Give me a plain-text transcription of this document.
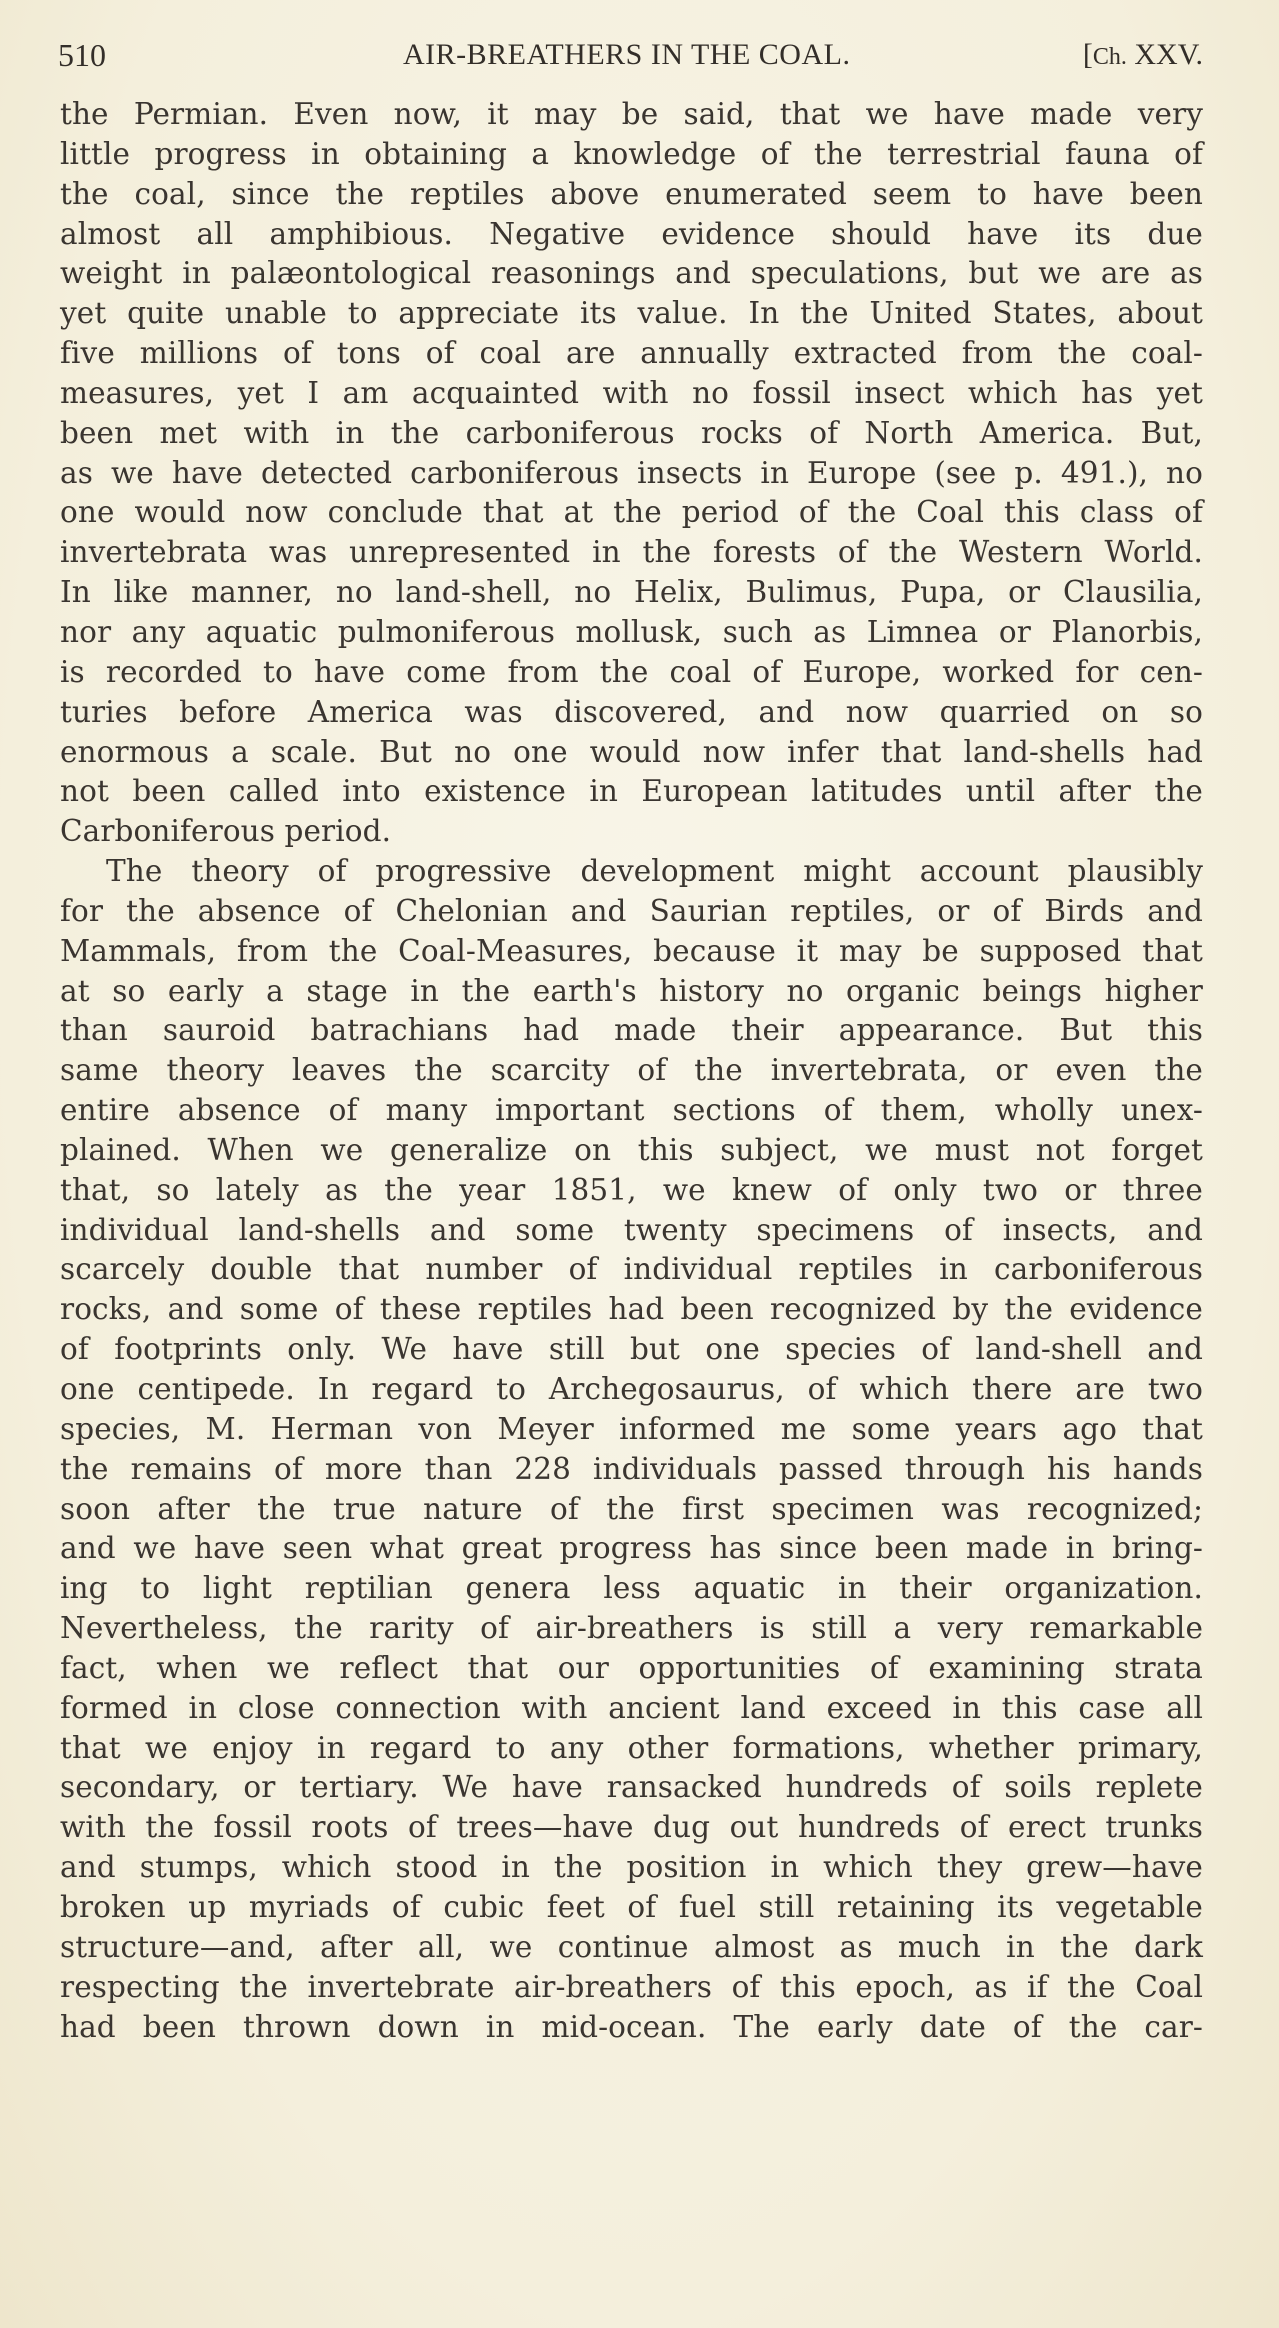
510	AIR-BREATHERS IN THE COAL.	[Ch. XXV.
the Permian. Even now, it may be said, that we have made very
little progress in obtaining a knowledge of the terrestrial fauna of
the coal, since the reptiles above enumerated seem to have been
almost all amphibious. Negative evidence should have its due
weight in palæontological reasonings and speculations, but we are as
yet quite unable to appreciate its value. In the United States, about
five millions of tons of coal are annually extracted from the coal-
measures, yet I am acquainted with no fossil insect which has yet
been met with in the carboniferous rocks of North America. But,
as we have detected carboniferous insects in Europe (see p. 491.), no
one would now conclude that at the period of the Coal this class of
invertebrata was unrepresented in the forests of the Western World.
In like manner, no land-shell, no Helix, Bulimus, Pupa, or Clausilia,
nor any aquatic pulmoniferous mollusk, such as Limnea or Planorbis,
is recorded to have come from the coal of Europe, worked for cen-
turies before America was discovered, and now quarried on so
enormous a scale. But no one would now infer that land-shells had
not been called into existence in European latitudes until after the
Carboniferous period.
The theory of progressive development might account plausibly
for the absence of Chelonian and Saurian reptiles, or of Birds and
Mammals, from the Coal-Measures, because it may be supposed that
at so early a stage in the earth's history no organic beings higher
than sauroid batrachians had made their appearance. But this
same theory leaves the scarcity of the invertebrata, or even the
entire absence of many important sections of them, wholly unex-
plained. When we generalize on this subject, we must not forget
that, so lately as the year 1851, we knew of only two or three
individual land-shells and some twenty specimens of insects, and
scarcely double that number of individual reptiles in carboniferous
rocks, and some of these reptiles had been recognized by the evidence
of footprints only. We have still but one species of land-shell and
one centipede. In regard to Archegosaurus, of which there are two
species, M. Herman von Meyer informed me some years ago that
the remains of more than 228 individuals passed through his hands
soon after the true nature of the first specimen was recognized;
and we have seen what great progress has since been made in bring-
ing to light reptilian genera less aquatic in their organization.
Nevertheless, the rarity of air-breathers is still a very remarkable
fact, when we reflect that our opportunities of examining strata
formed in close connection with ancient land exceed in this case all
that we enjoy in regard to any other formations, whether primary,
secondary, or tertiary. We have ransacked hundreds of soils replete
with the fossil roots of trees—have dug out hundreds of erect trunks
and stumps, which stood in the position in which they grew—have
broken up myriads of cubic feet of fuel still retaining its vegetable
structure—and, after all, we continue almost as much in the dark
respecting the invertebrate air-breathers of this epoch, as if the Coal
had been thrown down in mid-ocean. The early date of the car-
